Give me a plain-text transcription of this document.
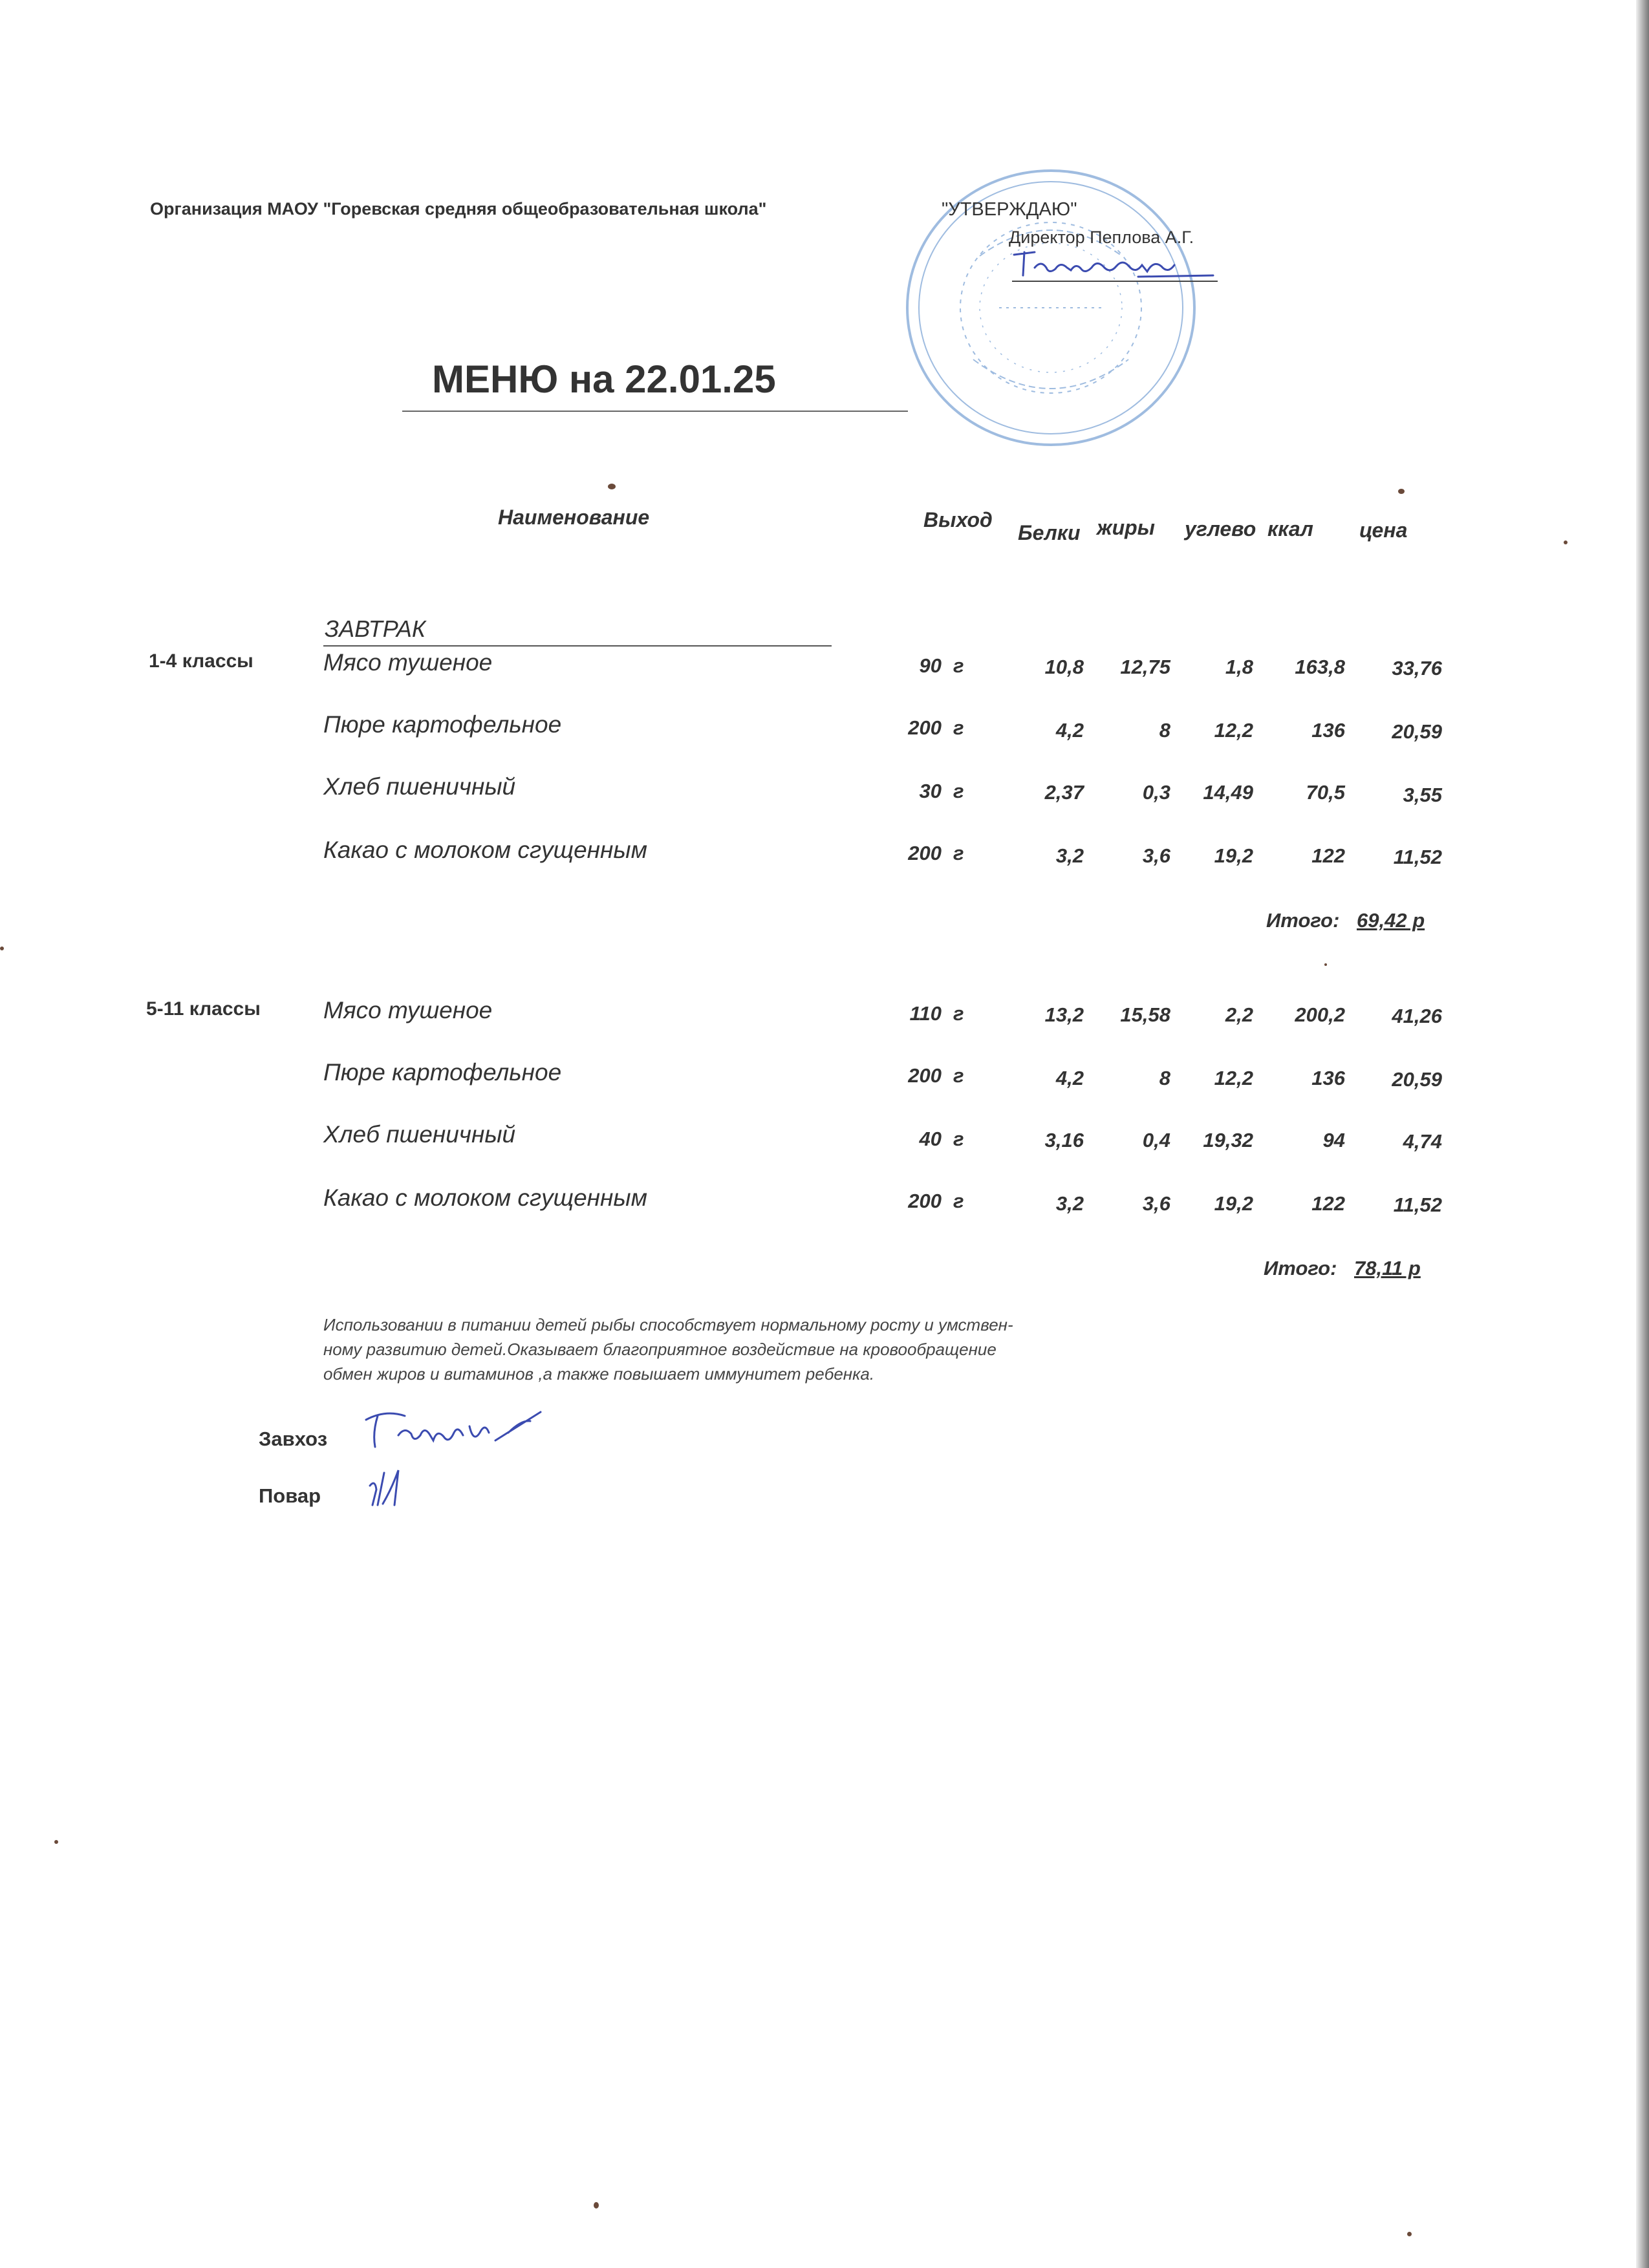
Организация МАОУ "Горевская средняя общеобразовательная школа"	"УТВЕРЖДАЮ"
Директор Пеплова А.Г.
МЕНЮ на 22.01.25
Наименование	Выход
Белки жиры углево ккал цена
ЗАВТРАК
1-4 классы	Мясо тушеное	90 г	10,8	12,75	1,8	163,8	33,76
Пюре картофельное	200 г	4,2	8	12,2	136	20,59
Хлеб пшеничный	30 г	2,37	0,3	14,49	70,5	3,55
Какао с молоком сгущенным	200 г	3,2	3,6	19,2	122	11,52
Итого: 69,42 р
5-11 классы	Мясо тушеное	110 г	13,2	15,58	2,2	200,2	41,26
Пюре картофельное	200 г	4,2	8	12,2	136	20,59
Хлеб пшеничный	40 г	3,16	0,4	19,32	94	4,74
Какао с молоком сгущенным	200 г	3,2	3,6	19,2	122	11,52
Итого: 78,11 р
Использовании в питании детей рыбы способствует нормальному росту и умствен-
ному развитию детей.Оказывает благоприятное воздействие на кровообращение
обмен жиров и витаминов ,а также повышает иммунитет ребенка.
Завхоз
Повар
